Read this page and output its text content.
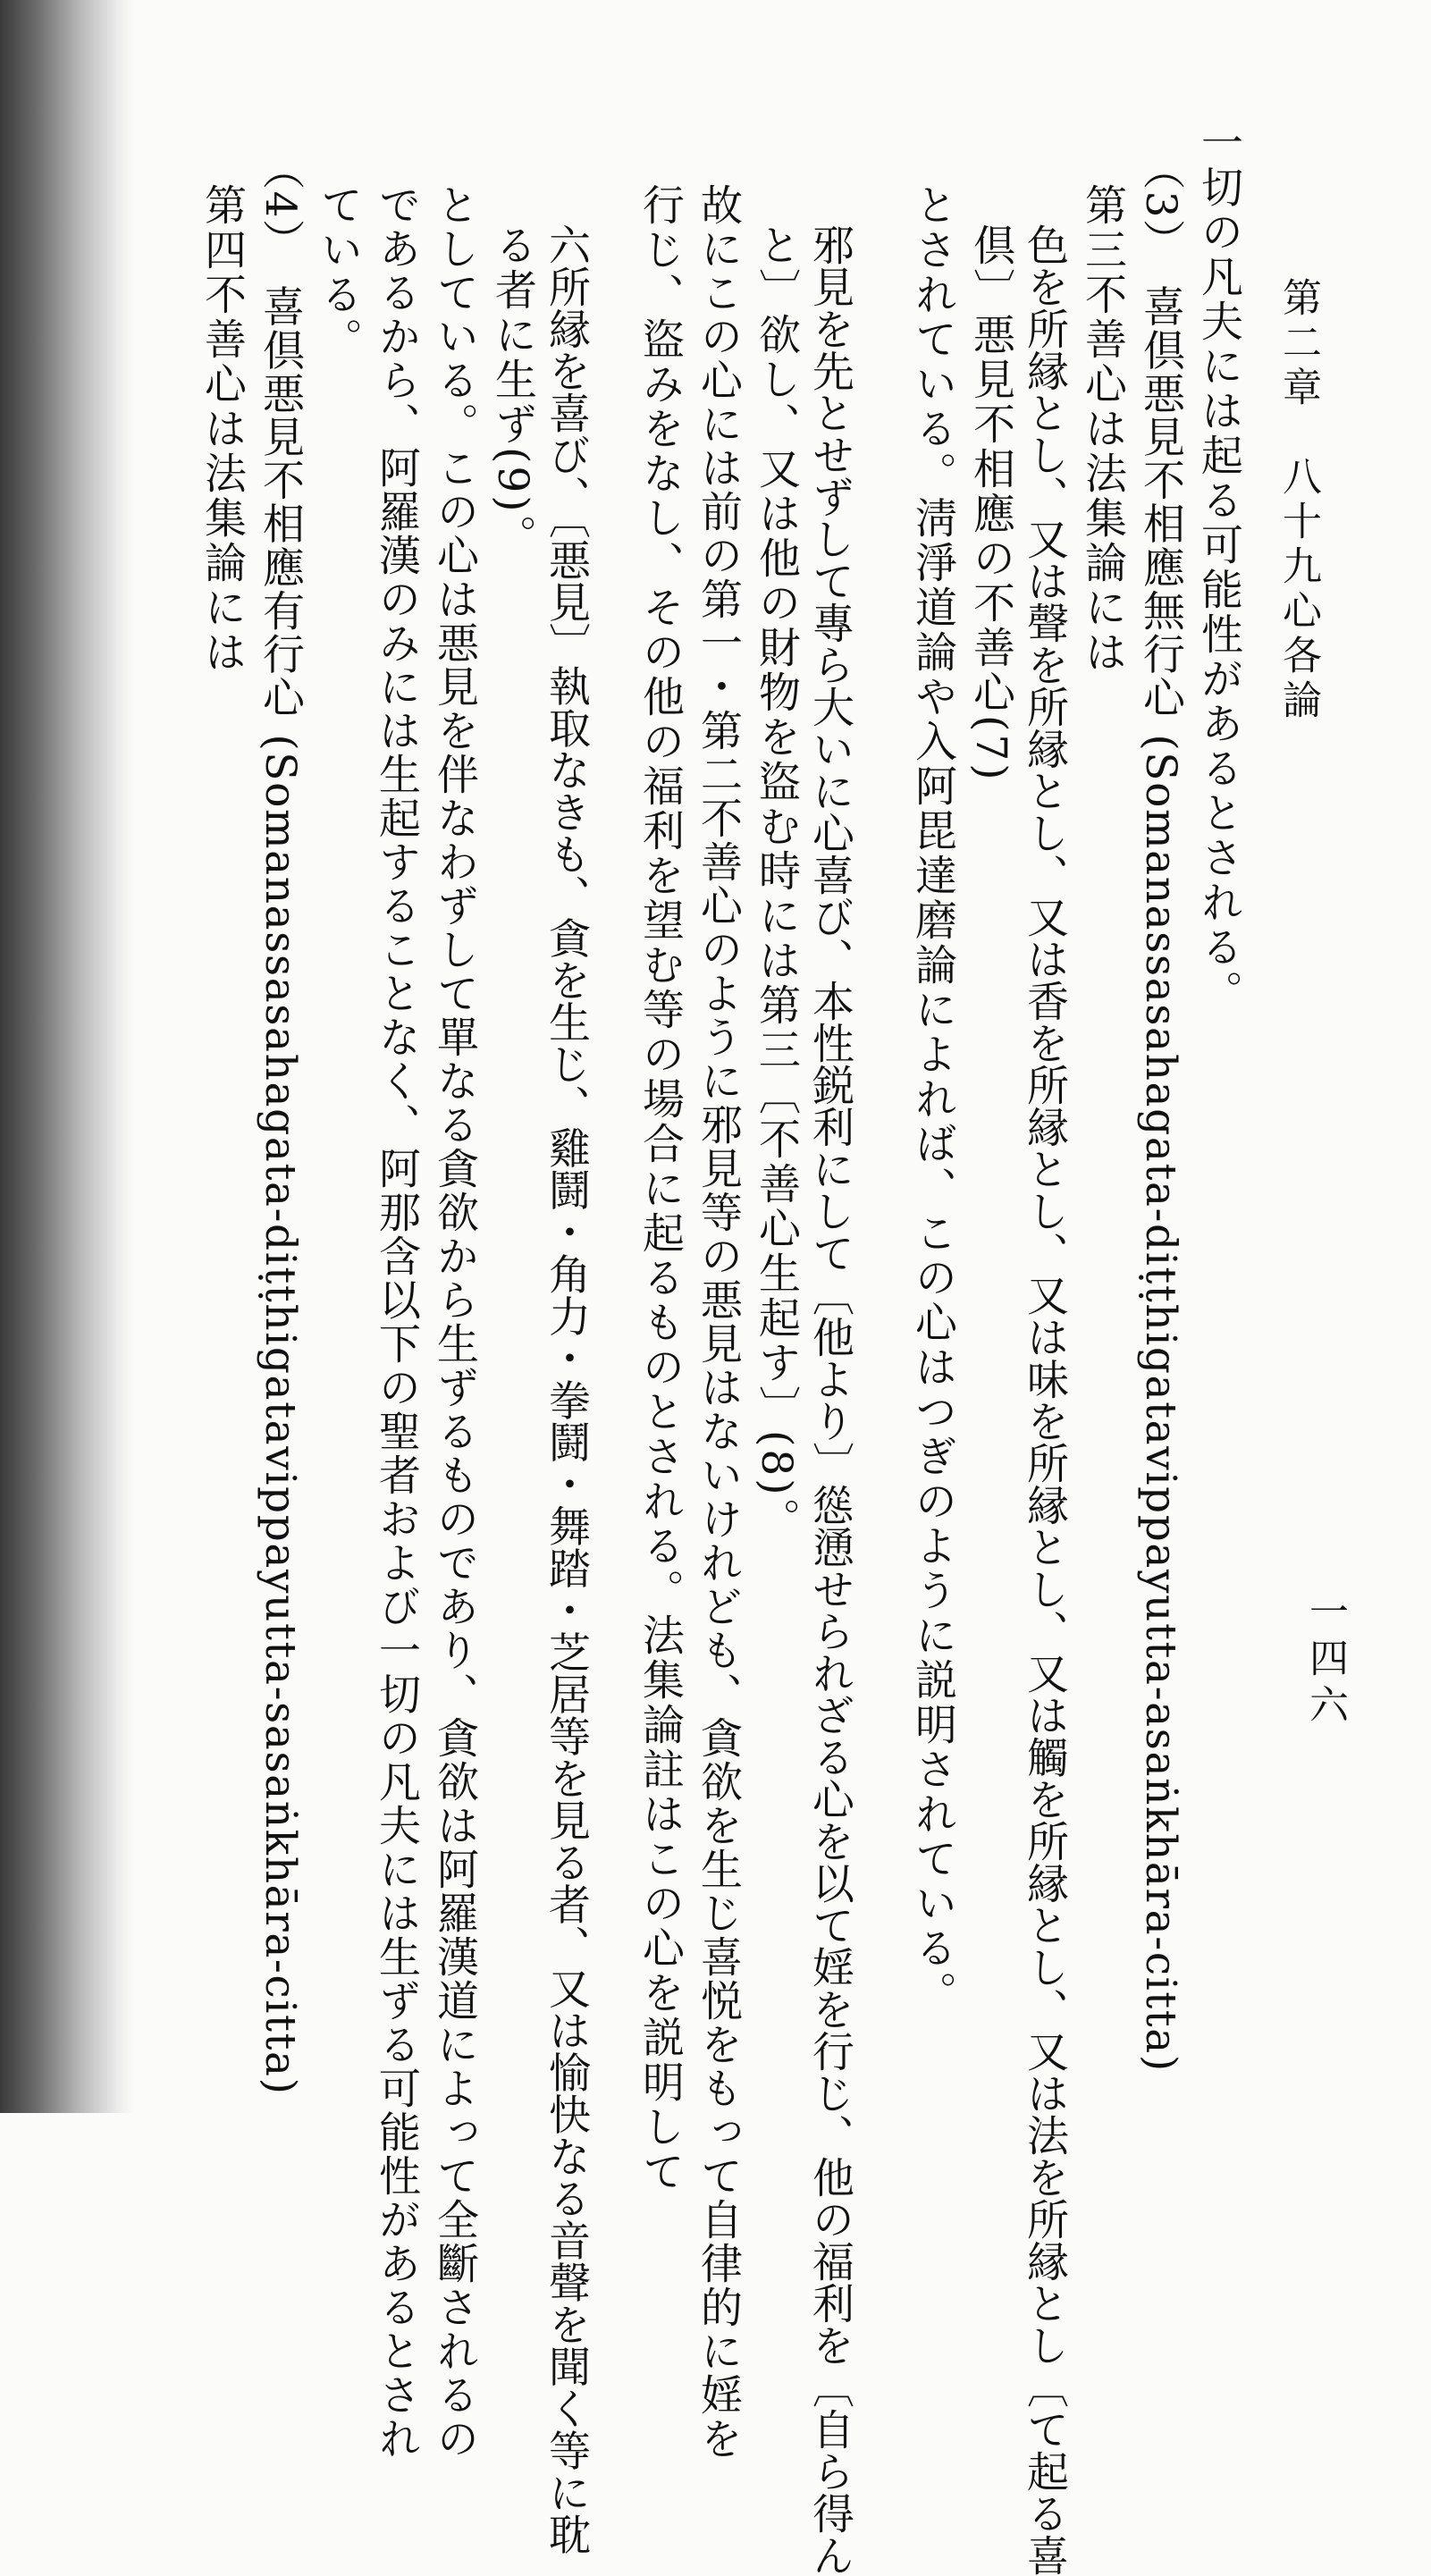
第二章　八十九心各論
一四六
一切の凡夫には起る可能性があるとされる。
（3）　喜倶悪見不相應無行心 (Somanassasahagata-diṭṭhigatavippayutta-asaṅkhāra-citta)
第三不善心は法集論には
色を所縁とし、又は聲を所縁とし、又は香を所縁とし、又は味を所縁とし、又は觸を所縁とし、又は法を所縁とし〔て起る喜
倶〕悪見不相應の不善心(7)
とされている。淸淨道論や入阿毘達磨論によれば、この心はつぎのように説明されている。
邪見を先とせずして專ら大いに心喜び、本性鋭利にして〔他より〕慫慂せられざる心を以て婬を行じ、他の福利を〔自ら得ん
と〕欲し、又は他の財物を盜む時には第三〔不善心生起す〕(8)。
故にこの心には前の第一・第二不善心のように邪見等の悪見はないけれども、貪欲を生じ喜悦をもって自律的に婬を
行じ、盜みをなし、その他の福利を望む等の場合に起るものとされる。法集論註はこの心を説明して
六所縁を喜び、〔悪見〕執取なきも、貪を生じ、雞鬪・角力・拳鬪・舞踏・芝居等を見る者、又は愉快なる音聲を聞く等に耽
る者に生ず(9)。
としている。この心は悪見を伴なわずして單なる貪欲から生ずるものであり、貪欲は阿羅漢道によって全斷されるの
であるから、阿羅漢のみには生起することなく、阿那含以下の聖者および一切の凡夫には生ずる可能性があるとされ
ている。
（4）　喜倶悪見不相應有行心 (Somanassasahagata-diṭṭhigatavippayutta-sasaṅkhāra-citta)
第四不善心は法集論には
